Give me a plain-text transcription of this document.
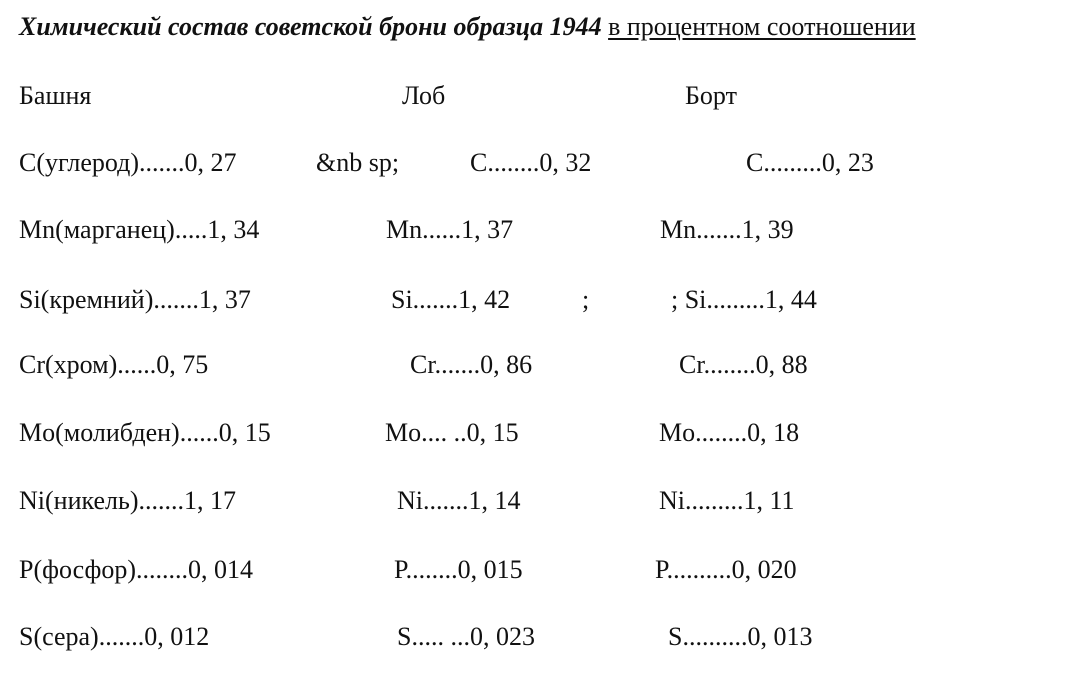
Химический состав советской брони образца 1944 в процентном соотношении
Башня	Лоб	Борт
C(углерод).......0, 27	&nb sp;	C........0, 32	C.........0, 23
Mn(марганец).....1, 34	Mn......1, 37	Mn.......1, 39
Si(кремний).......1, 37	Si.......1, 42	;	; Si.........1, 44
Cr(хром)......0, 75	Cr.......0, 86	Cr........0, 88
Mo(молибден)......0, 15	Mo.... ..0, 15	Mo........0, 18
Ni(никель).......1, 17	Ni.......1, 14	Ni.........1, 11
P(фосфор)........0, 014	P........0, 015	P..........0, 020
S(сера).......0, 012	S..... ...0, 023	S..........0, 013
